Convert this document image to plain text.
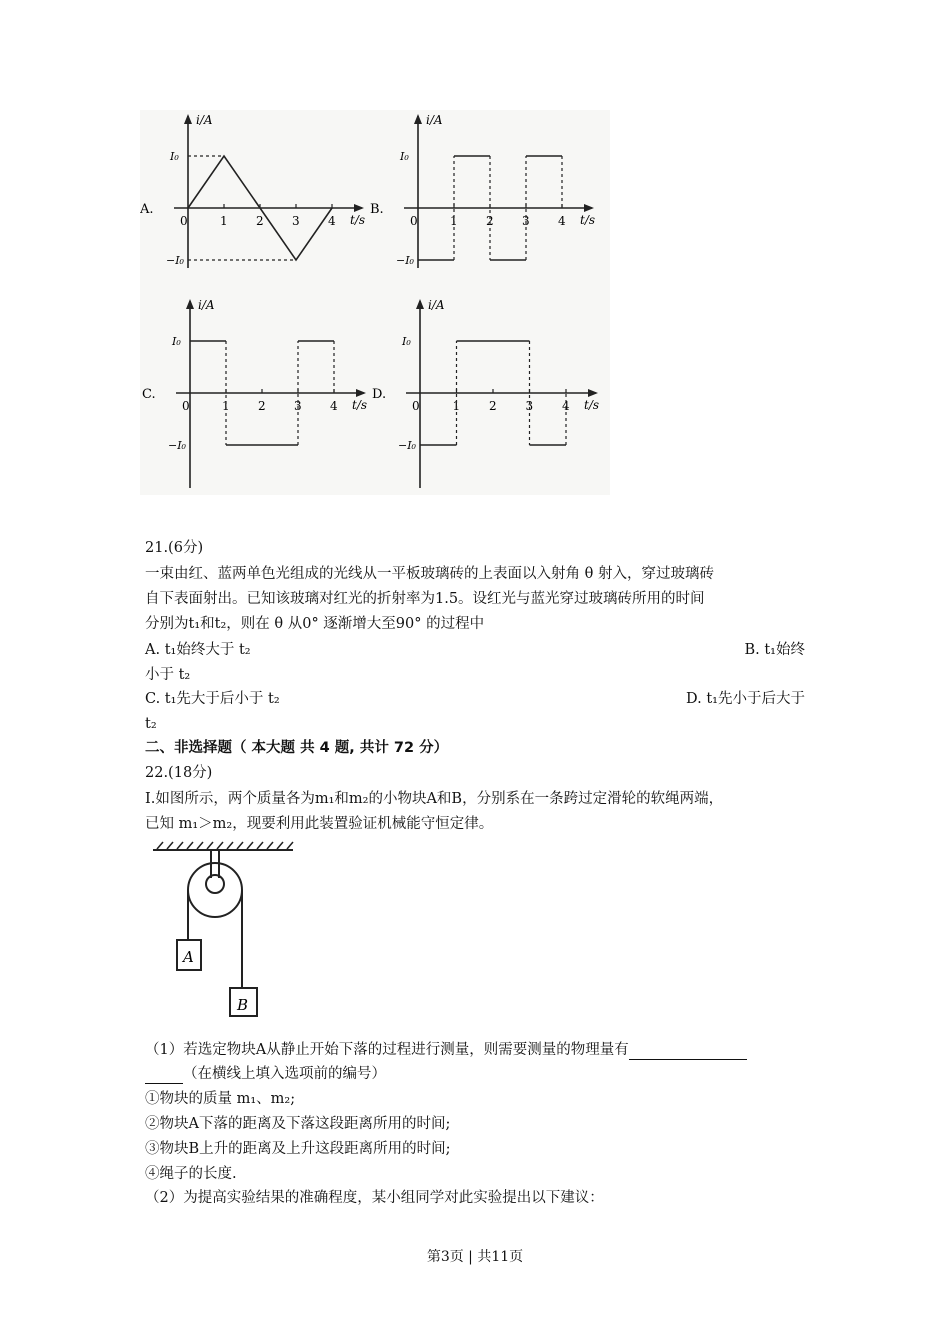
A.
i/A
t/s
0
I₀
−I₀
1 2 3 4
B.
i/A
t/s
0
I₀
−I₀
1 2 3 4
C.
i/A
t/s
0
I₀
−I₀
1 2 3 4
D.
i/A
t/s
0
I₀
−I₀
1 2 3 4
21.(6分)
一束由红、蓝两单色光组成的光线从一平板玻璃砖的上表面以入射角 θ 射入，穿过玻璃砖
自下表面射出。已知该玻璃对红光的折射率为1.5。设红光与蓝光穿过玻璃砖所用的时间
分别为t₁和t₂，则在 θ 从0° 逐渐增大至90° 的过程中
A. t₁始终大于 t₂	B. t₁始终
小于 t₂
C. t₁先大于后小于 t₂	D. t₁先小于后大于
t₂
二、非选择题（ 本大题 共 4 题, 共计 72 分）
22.(18分)
Ⅰ.如图所示，两个质量各为m₁和m₂的小物块A和B，分别系在一条跨过定滑轮的软绳两端，
已知 m₁＞m₂，现要利用此装置验证机械能守恒定律。
A
B
（1）若选定物块A从静止开始下落的过程进行测量，则需要测量的物理量有
（在横线上填入选项前的编号）
①物块的质量 m₁、m₂;
②物块A下落的距离及下落这段距离所用的时间;
③物块B上升的距离及上升这段距离所用的时间;
④绳子的长度.
（2）为提高实验结果的准确程度，某小组同学对此实验提出以下建议：
第3页 | 共11页
